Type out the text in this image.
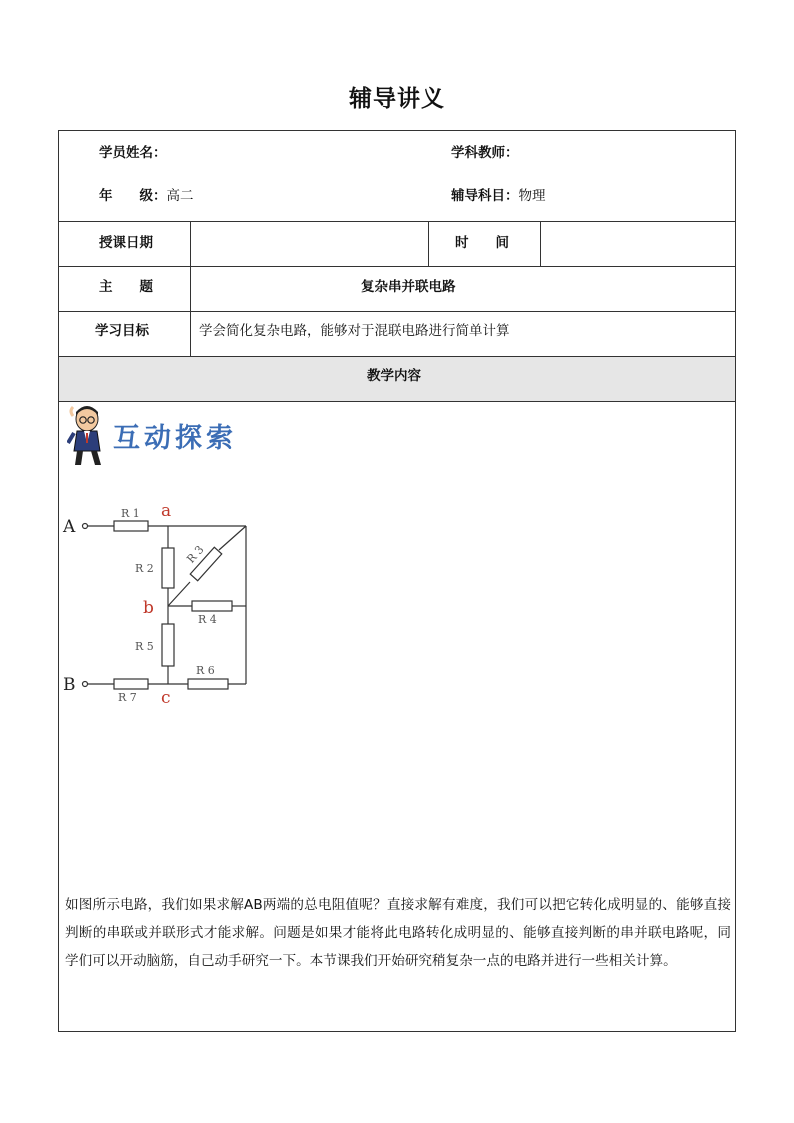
辅导讲义
学员姓名：	学科教师：
年　　级：高二	辅导科目：物理
授课日期	时　　间
主　　题	复杂串并联电路
学习目标	学会简化复杂电路，能够对于混联电路进行简单计算
教学内容
互动探索
R 1
R 2
R 3
R 4
R 5
R 6
R 7
A
B
a
b
c
如图所示电路，我们如果求解AB两端的总电阻值呢？直接求解有难度，我们可以把它转化成明显的、能够直接判断的串联或并联形式才能求解。问题是如果才能将此电路转化成明显的、能够直接判断的串并联电路呢，同学们可以开动脑筋，自己动手研究一下。本节课我们开始研究稍复杂一点的电路并进行一些相关计算。
